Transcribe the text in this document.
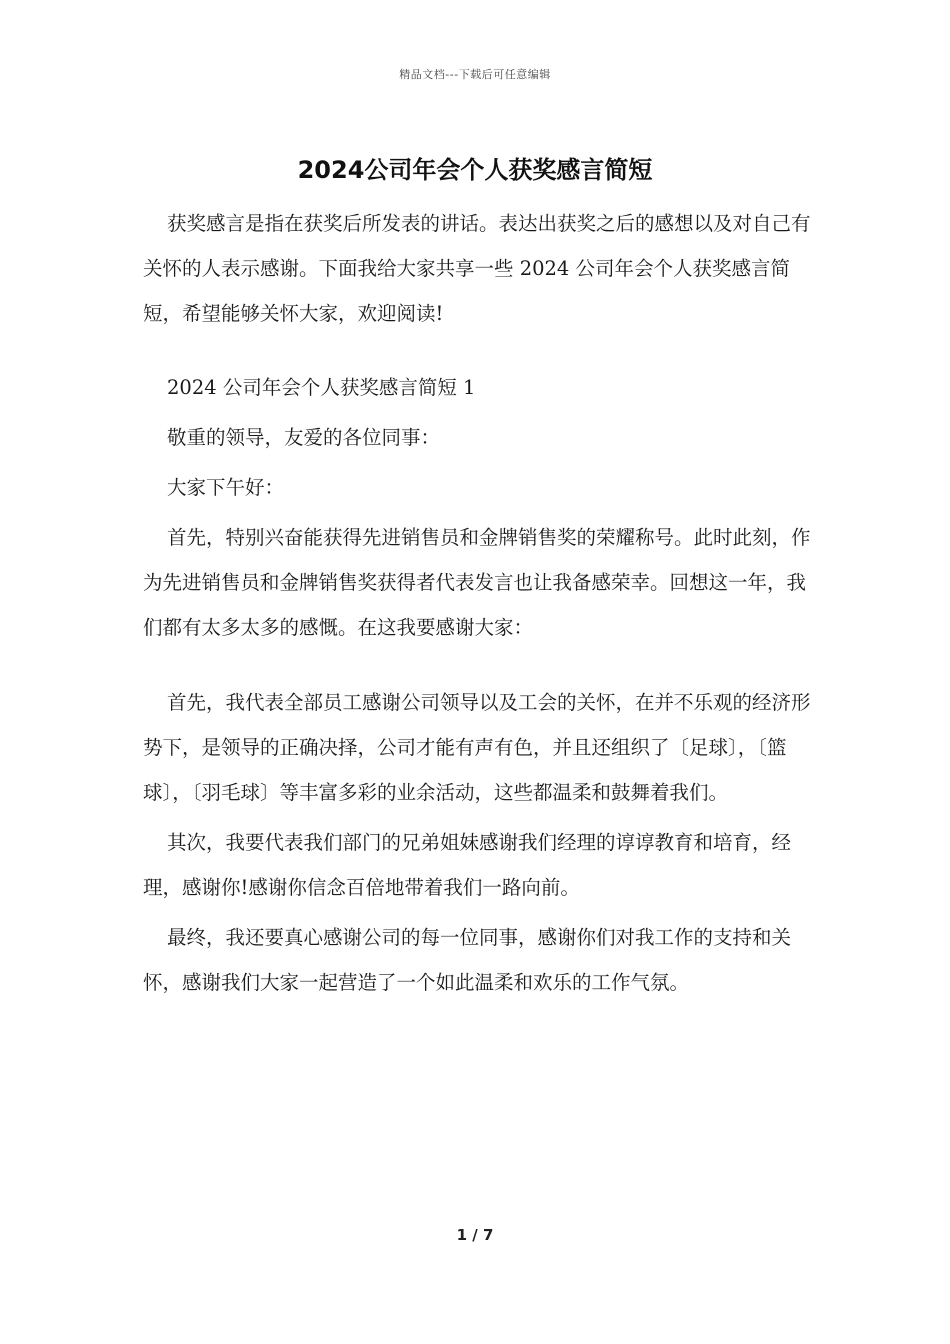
精品文档---下载后可任意编辑
2024公司年会个人获奖感言简短

获奖感言是指在获奖后所发表的讲话。表达出获奖之后的感想以及对自己有关怀的人表示感谢。下面我给大家共享一些 2024 公司年会个人获奖感言简短，希望能够关怀大家，欢迎阅读!

2024 公司年会个人获奖感言简短 1

敬重的领导，友爱的各位同事：

大家下午好：

首先，特别兴奋能获得先进销售员和金牌销售奖的荣耀称号。此时此刻，作为先进销售员和金牌销售奖获得者代表发言也让我备感荣幸。回想这一年，我们都有太多太多的感慨。在这我要感谢大家：

首先，我代表全部员工感谢公司领导以及工会的关怀，在并不乐观的经济形势下，是领导的正确决择，公司才能有声有色，并且还组织了〔足球〕，〔篮球〕，〔羽毛球〕等丰富多彩的业余活动，这些都温柔和鼓舞着我们。

其次，我要代表我们部门的兄弟姐妹感谢我们经理的谆谆教育和培育，经理，感谢你!感谢你信念百倍地带着我们一路向前。

最终，我还要真心感谢公司的每一位同事，感谢你们对我工作的支持和关怀，感谢我们大家一起营造了一个如此温柔和欢乐的工作气氛。

1 / 7
